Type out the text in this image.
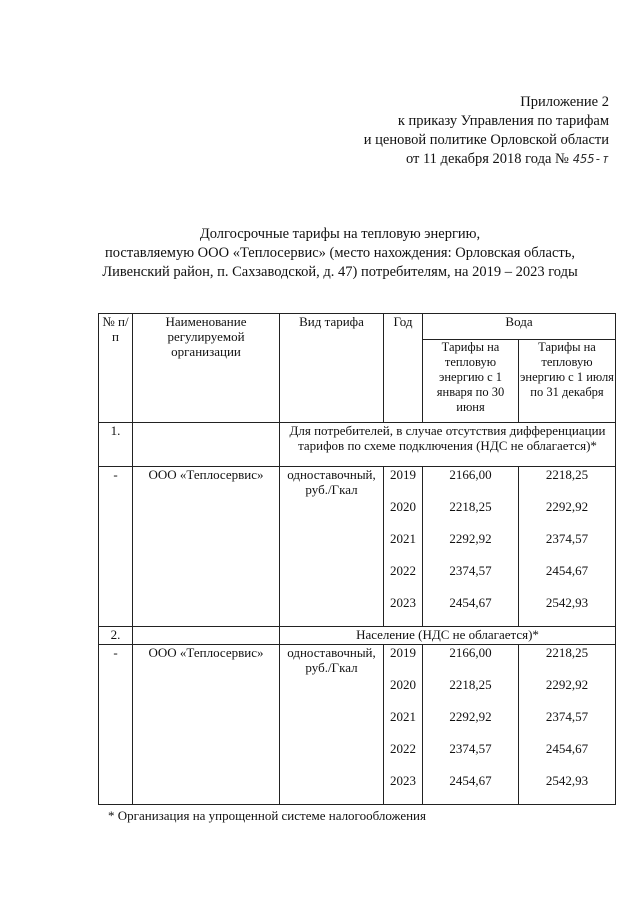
Приложение 2
к приказу Управления по тарифам
и ценовой политике Орловской области
от 11 декабря 2018 года № 455-т
Долгосрочные тарифы на тепловую энергию,
поставляемую ООО «Теплосервис» (место нахождения: Орловская область,
Ливенский район, п. Сахзаводской, д. 47) потребителям, на 2019 – 2023 годы
№ п/п	Наименование регулируемой организации	Вид тарифа	Год	Вода	
				Тарифы на тепловую энергию с 1 января по 30 июня	Тарифы на тепловую энергию с 1 июля по 31 декабря
1.		Для потребителей, в случае отсутствия дифференциации тарифов по схеме подключения (НДС не облагается)*			
-	ООО «Теплосервис»	одноставочный, руб./Гкал	2019	2166,00	2218,25
			2020	2218,25	2292,92
			2021	2292,92	2374,57
			2022	2374,57	2454,67
			2023	2454,67	2542,93
2.		Население (НДС не облагается)*			
-	ООО «Теплосервис»	одноставочный, руб./Гкал	2019	2166,00	2218,25
			2020	2218,25	2292,92
			2021	2292,92	2374,57
			2022	2374,57	2454,67
			2023	2454,67	2542,93
* Организация на упрощенной системе налогообложения
